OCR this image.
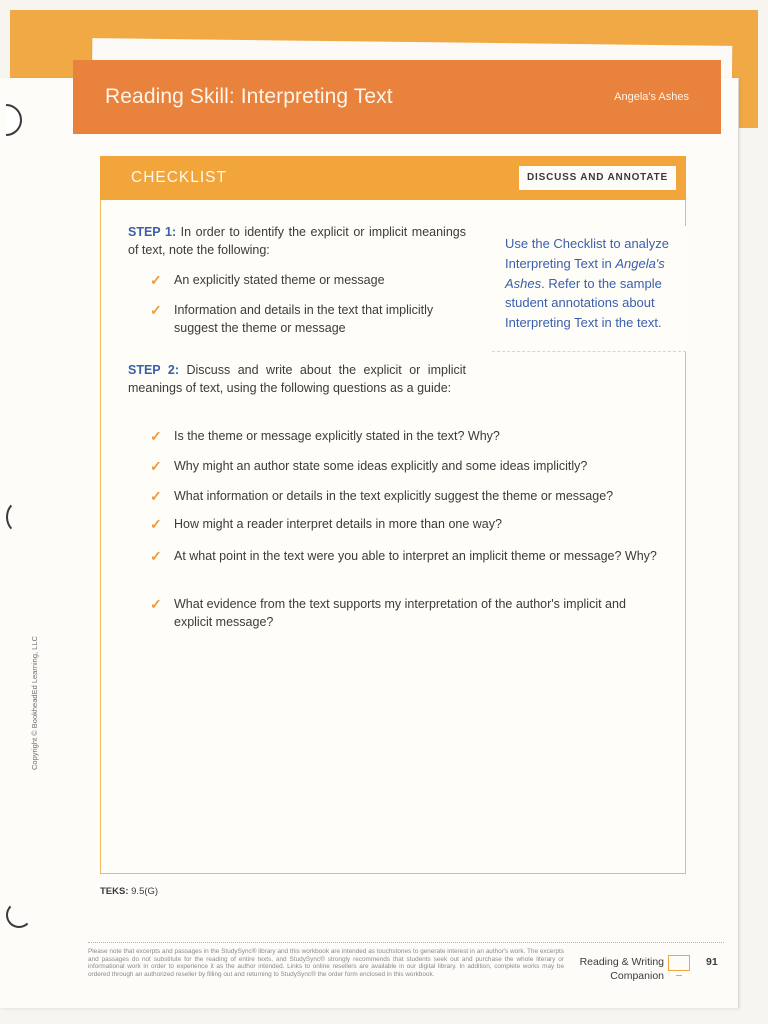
Reading Skill: Interpreting Text	Angela's Ashes
CHECKLIST	DISCUSS AND ANNOTATE
STEP 1: In order to identify the explicit or implicit meanings of text, note the following:
✓ An explicitly stated theme or message
✓ Information and details in the text that implicitly suggest the theme or message
Use the Checklist to analyze Interpreting Text in Angela's Ashes. Refer to the sample student annotations about Interpreting Text in the text.
STEP 2: Discuss and write about the explicit or implicit meanings of text, using the following questions as a guide:
✓ Is the theme or message explicitly stated in the text? Why?
✓ Why might an author state some ideas explicitly and some ideas implicitly?
✓ What information or details in the text explicitly suggest the theme or message?
✓ How might a reader interpret details in more than one way?
✓ At what point in the text were you able to interpret an implicit theme or message? Why?
✓ What evidence from the text supports my interpretation of the author's implicit and explicit message?
TEKS: 9.5(G)
Copyright © BookheadEd Learning, LLC
Please note that excerpts and passages in the StudySync® library and this workbook are intended as touchstones to generate interest in an author's work. The excerpts and passages do not substitute for the reading of entire texts, and StudySync® strongly recommends that students seek out and purchase the whole literary or informational work in order to experience it as the author intended. Links to online resellers are available in our digital library. In addition, complete works may be ordered through an authorized reseller by filling out and returning to StudySync® the order form enclosed in this workbook.
Reading & Writing
Companion
91
